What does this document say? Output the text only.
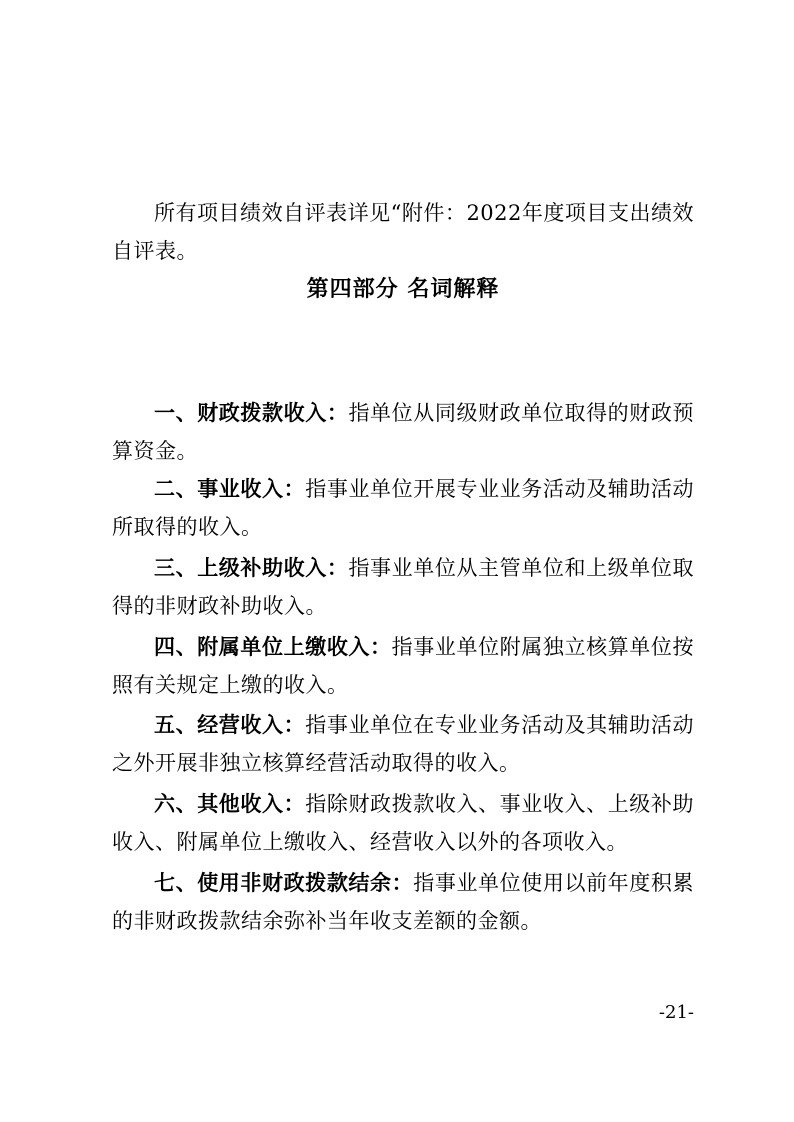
所有项目绩效自评表详见“附件：2022年度项目支出绩效自评表。

第四部分 名词解释

一、财政拨款收入：指单位从同级财政单位取得的财政预算资金。

二、事业收入：指事业单位开展专业业务活动及辅助活动所取得的收入。

三、上级补助收入：指事业单位从主管单位和上级单位取得的非财政补助收入。

四、附属单位上缴收入：指事业单位附属独立核算单位按照有关规定上缴的收入。

五、经营收入：指事业单位在专业业务活动及其辅助活动之外开展非独立核算经营活动取得的收入。

六、其他收入：指除财政拨款收入、事业收入、上级补助收入、附属单位上缴收入、经营收入以外的各项收入。

七、使用非财政拨款结余：指事业单位使用以前年度积累的非财政拨款结余弥补当年收支差额的金额。

-21-
